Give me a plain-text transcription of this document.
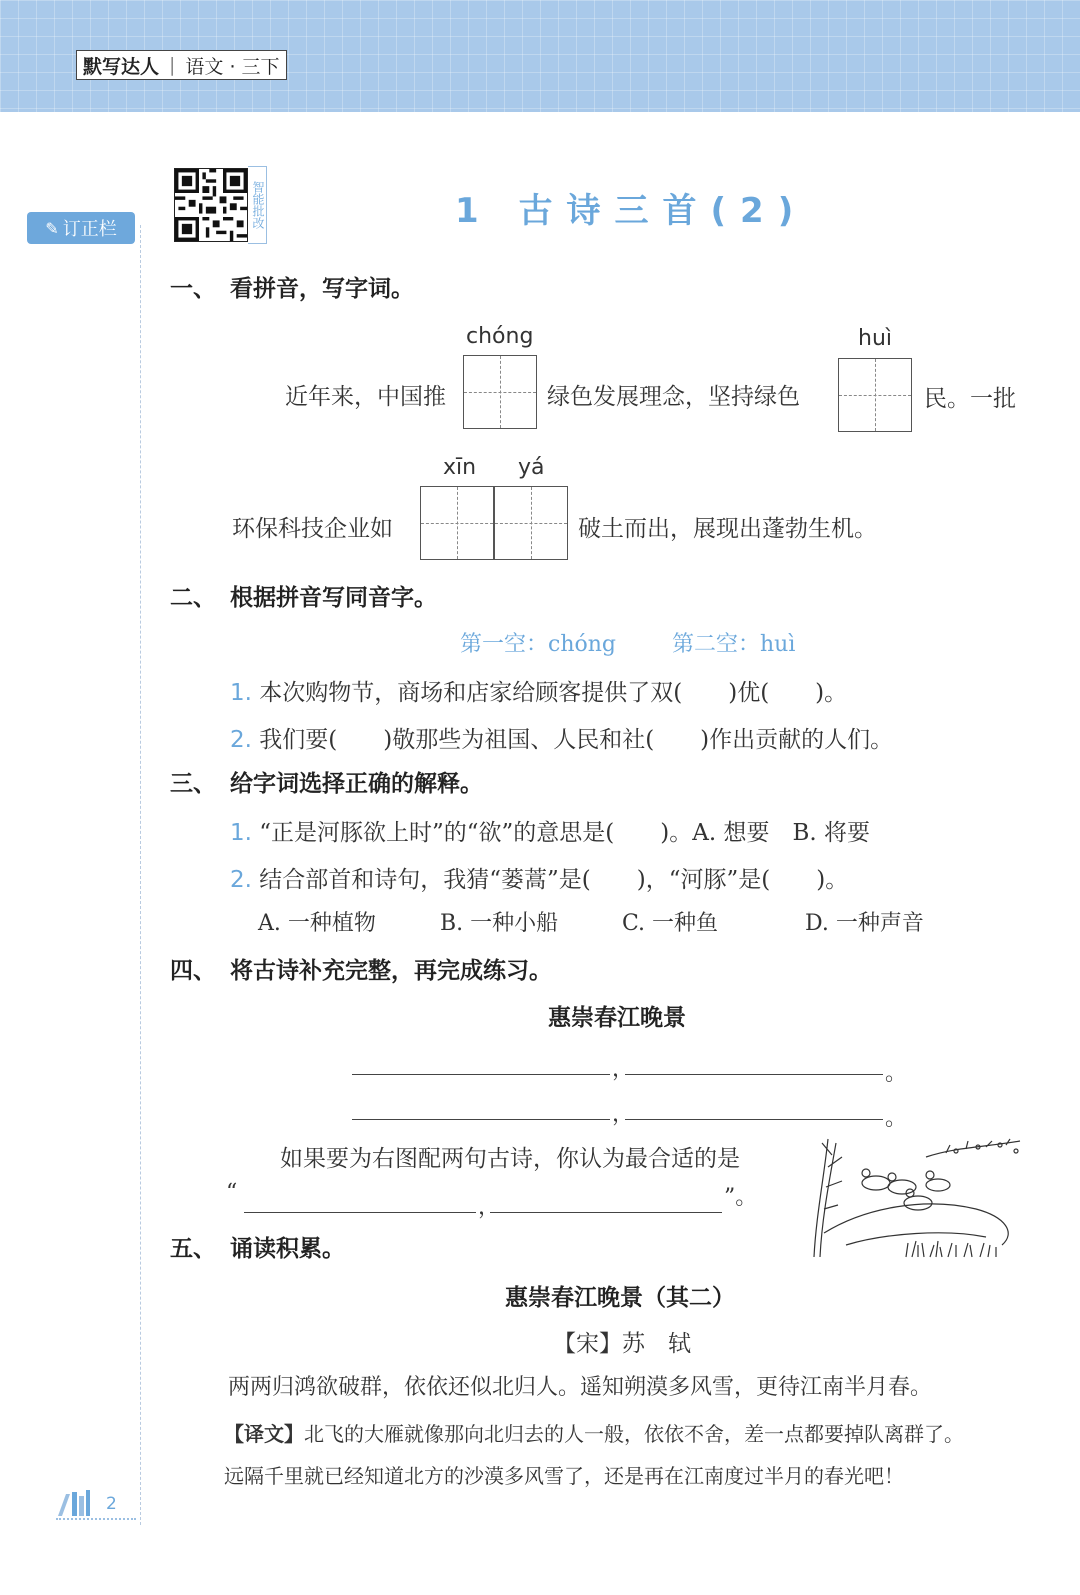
默写达人 | 语文 · 三下
✎ 订正栏
智能批改	1 古诗三首(2)
一、 看拼音，写字词。
chóng	huì
近年来，中国推	绿色发展理念，坚持绿色	民。一批
xīn yá
环保科技企业如	破土而出，展现出蓬勃生机。
二、 根据拼音写同音字。
第一空：chóng	第二空：huì
1. 本次购物节，商场和店家给顾客提供了双(　　)优(　　)。
2. 我们要(　　)敬那些为祖国、人民和社(　　)作出贡献的人们。
三、 给字词选择正确的解释。
1. “正是河豚欲上时”的“欲”的意思是(　　)。A. 想要　B. 将要
2. 结合部首和诗句，我猜“蒌蒿”是(　　)，“河豚”是(　　)。
A. 一种植物	B. 一种小船	C. 一种鱼	D. 一种声音
四、 将古诗补充完整，再完成练习。
惠崇春江晚景
，	。
，	。
如果要为右图配两句古诗，你认为最合适的是
“
，	”。
五、 诵读积累。
惠崇春江晚景（其二）
【宋】苏　轼
两两归鸿欲破群，依依还似北归人。遥知朔漠多风雪，更待江南半月春。
【译文】北飞的大雁就像那向北归去的人一般，依依不舍，差一点都要掉队离群了。
远隔千里就已经知道北方的沙漠多风雪了，还是再在江南度过半月的春光吧！
2
